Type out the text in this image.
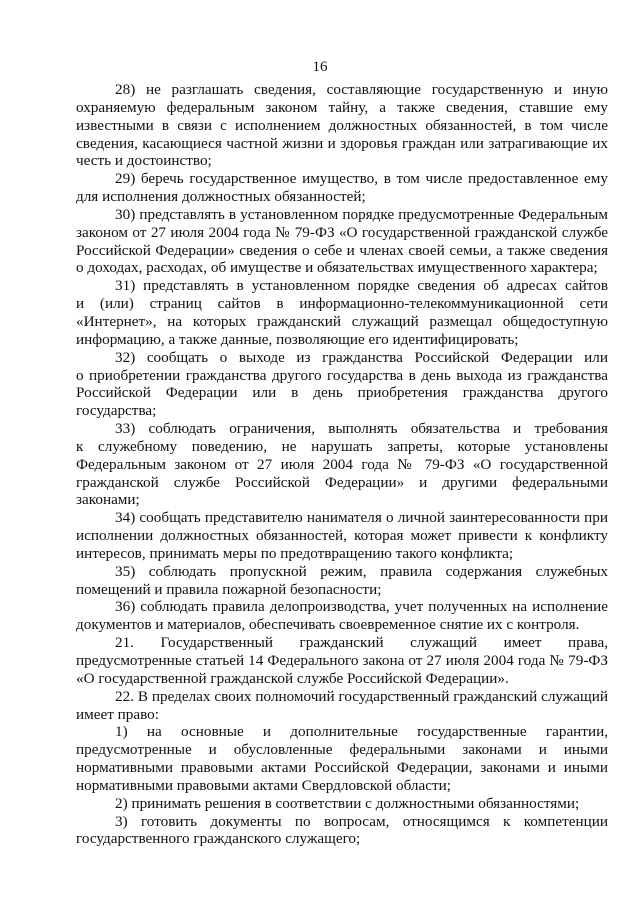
16

28) не разглашать сведения, составляющие государственную и иную охраняемую федеральным законом тайну, а также сведения, ставшие ему известными в связи с исполнением должностных обязанностей, в том числе сведения, касающиеся частной жизни и здоровья граждан или затрагивающие их честь и достоинство;

29) беречь государственное имущество, в том числе предоставленное ему для исполнения должностных обязанностей;

30) представлять в установленном порядке предусмотренные Федеральным законом от 27 июля 2004 года № 79-ФЗ «О государственной гражданской службе Российской Федерации» сведения о себе и членах своей семьи, а также сведения о доходах, расходах, об имуществе и обязательствах имущественного характера;

31) представлять в установленном порядке сведения об адресах сайтов и (или) страниц сайтов в информационно-телекоммуникационной сети «Интернет», на которых гражданский служащий размещал общедоступную информацию, а также данные, позволяющие его идентифицировать;

32) сообщать о выходе из гражданства Российской Федерации или о приобретении гражданства другого государства в день выхода из гражданства Российской Федерации или в день приобретения гражданства другого государства;

33) соблюдать ограничения, выполнять обязательства и требования к служебному поведению, не нарушать запреты, которые установлены Федеральным законом от 27 июля 2004 года № 79-ФЗ «О государственной гражданской службе Российской Федерации» и другими федеральными законами;

34) сообщать представителю нанимателя о личной заинтересованности при исполнении должностных обязанностей, которая может привести к конфликту интересов, принимать меры по предотвращению такого конфликта;

35) соблюдать пропускной режим, правила содержания служебных помещений и правила пожарной безопасности;

36) соблюдать правила делопроизводства, учет полученных на исполнение документов и материалов, обеспечивать своевременное снятие их с контроля.

21. Государственный гражданский служащий имеет права, предусмотренные статьей 14 Федерального закона от 27 июля 2004 года № 79-ФЗ «О государственной гражданской службе Российской Федерации».

22. В пределах своих полномочий государственный гражданский служащий имеет право:

1) на основные и дополнительные государственные гарантии, предусмотренные и обусловленные федеральными законами и иными нормативными правовыми актами Российской Федерации, законами и иными нормативными правовыми актами Свердловской области;

2) принимать решения в соответствии с должностными обязанностями;

3) готовить документы по вопросам, относящимся к компетенции государственного гражданского служащего;
